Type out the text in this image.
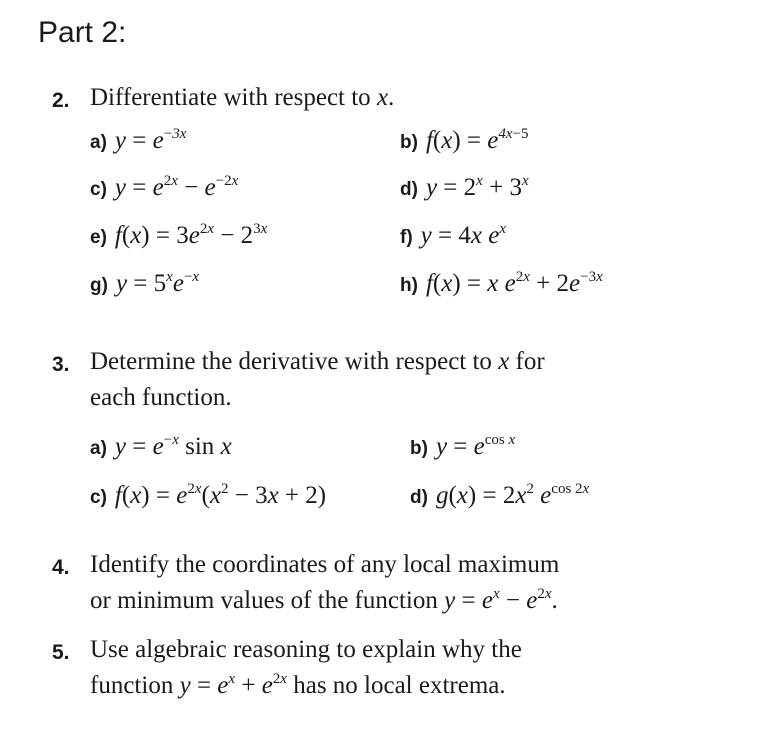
Part 2:
2. Differentiate with respect to x.
a) $y = e^{-3x}$	b) $f(x) = e^{4x-5}$
c) $y = e^{2x} - e^{-2x}$	d) $y = 2^x + 3^x$
e) $f(x) = 3e^{2x} - 2^{3x}$	f) y = 4x $e^x$
g) $y = 5^xe^{-x}$	h) f(x) = x $e^{2x} + 2e^{-3x}$
3. Determine the derivative with respect to x for
each function.
a) $y = e^{-x}$ sin x	b) $y = e^{cos x}$
c) $f(x) = e^{2x}(x^2 - 3x + 2)$	d) $g(x) = 2x^2$ $e^{cos 2x}$
4. Identify the coordinates of any local maximum
or minimum values of the function $y = e^x - e^{2x}$.
5. Use algebraic reasoning to explain why the
function $y = e^x + e^{2x}$ has no local extrema.
